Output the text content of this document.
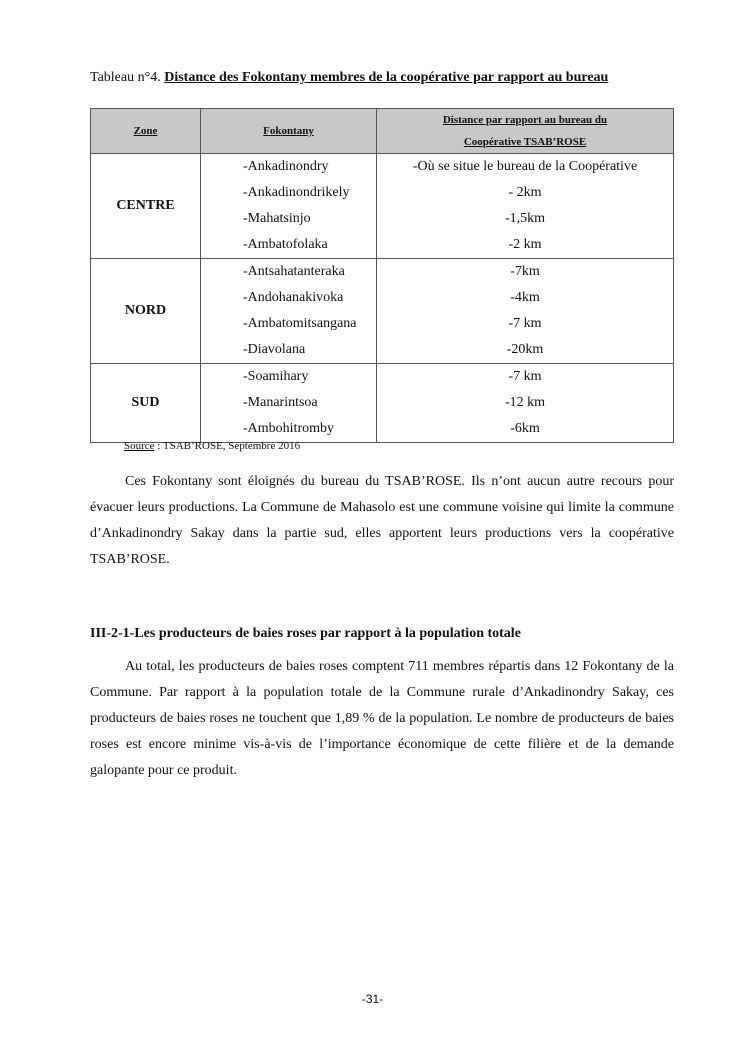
Tableau n°4. Distance des Fokontany membres de la coopérative par rapport au bureau
Zone	Fokontany	Distance par rapport au bureau du
Coopérative TSAB’ROSE

CENTRE	-Ankadinondry	-Où se situe le bureau de la Coopérative
	-Ankadinondrikely	- 2km
	-Mahatsinjo	-1,5km
	-Ambatofolaka	-2 km
NORD	-Antsahatanteraka	-7km
	-Andohanakivoka	-4km
	-Ambatomitsangana	-7 km
	-Diavolana	-20km
SUD	-Soamihary	-7 km
	-Manarintsoa	-12 km
	-Ambohitromby	-6km
Source : TSAB’ROSE, Septembre 2016

Ces Fokontany sont éloignés du bureau du TSAB’ROSE. Ils n’ont aucun autre recours pour évacuer leurs productions. La Commune de Mahasolo est une commune voisine qui limite la commune d’Ankadinondry Sakay dans la partie sud, elles apportent leurs productions vers la coopérative TSAB’ROSE.

III-2-1-Les producteurs de baies roses par rapport à la population totale

Au total, les producteurs de baies roses comptent 711 membres répartis dans 12 Fokontany de la Commune. Par rapport à la population totale de la Commune rurale d’Ankadinondry Sakay, ces producteurs de baies roses ne touchent que 1,89 % de la population. Le nombre de producteurs de baies roses est encore minime vis-à-vis de l’importance économique de cette filière et de la demande galopante pour ce produit.

-31-
